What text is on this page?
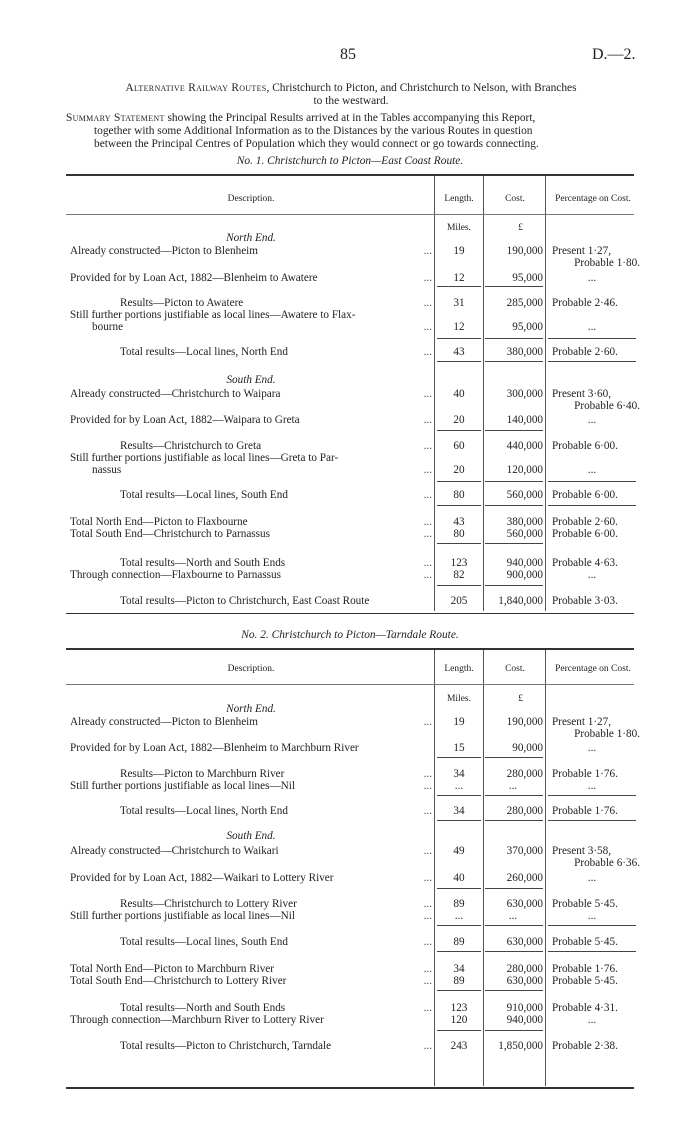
85	D.—2.
Alternative Railway Routes, Christchurch to Picton, and Christchurch to Nelson, with Branches
to the westward.
Summary Statement showing the Principal Results arrived at in the Tables accompanying this Report,
together with some Additional Information as to the Distances by the various Routes in question
between the Principal Centres of Population which they would connect or go towards connecting.
No. 1. Christchurch to Picton—East Coast Route.
Description.	Length.	Cost.	Percentage on Cost.
Miles.	£
North End.
Already constructed—Picton to Blenheim	...	19	190,000 Present 1·27,
Probable 1·80.
Provided for by Loan Act, 1882—Blenheim to Awatere	...	12	95,000	...
Results—Picton to Awatere	...	31	285,000 Probable 2·46.
Still further portions justifiable as local lines—Awatere to Flax-
bourne	...	12	95,000	...
Total results—Local lines, North End	...	43	380,000 Probable 2·60.
South End.
Already constructed—Christchurch to Waipara	...	40	300,000 Present 3·60,
Probable 6·40.
Provided for by Loan Act, 1882—Waipara to Greta	...	20	140,000	...
Results—Christchurch to Greta	...	60	440,000 Probable 6·00.
Still further portions justifiable as local lines—Greta to Par-
nassus	...	20	120,000	...
Total results—Local lines, South End	...	80	560,000 Probable 6·00.
Total North End—Picton to Flaxbourne	...	43	380,000 Probable 2·60.
Total South End—Christchurch to Parnassus	...	80	560,000 Probable 6·00.
Total results—North and South Ends	...	123	940,000 Probable 4·63.
Through connection—Flaxbourne to Parnassus	...	82	900,000	...
Total results—Picton to Christchurch, East Coast Route	205	1,840,000 Probable 3·03.
No. 2. Christchurch to Picton—Tarndale Route.
Description.	Length.	Cost.	Percentage on Cost.
Miles.	£
North End.
Already constructed—Picton to Blenheim	...	19	190,000 Present 1·27,
Probable 1·80.
Provided for by Loan Act, 1882—Blenheim to Marchburn River	15	90,000	...
Results—Picton to Marchburn River	...	34	280,000 Probable 1·76.
Still further portions justifiable as local lines—Nil	...	...	...	...
Total results—Local lines, North End	...	34	280,000 Probable 1·76.
South End.
Already constructed—Christchurch to Waikari	...	49	370,000 Present 3·58,
Probable 6·36.
Provided for by Loan Act, 1882—Waikari to Lottery River	...	40	260,000	...
Results—Christchurch to Lottery River	...	89	630,000 Probable 5·45.
Still further portions justifiable as local lines—Nil	...	...	...	...
Total results—Local lines, South End	...	89	630,000 Probable 5·45.
Total North End—Picton to Marchburn River	...	34	280,000 Probable 1·76.
Total South End—Christchurch to Lottery River	...	89	630,000 Probable 5·45.
Total results—North and South Ends	...	123	910,000 Probable 4·31.
Through connection—Marchburn River to Lottery River	120	940,000	...
Total results—Picton to Christchurch, Tarndale	...	243	1,850,000 Probable 2·38.
